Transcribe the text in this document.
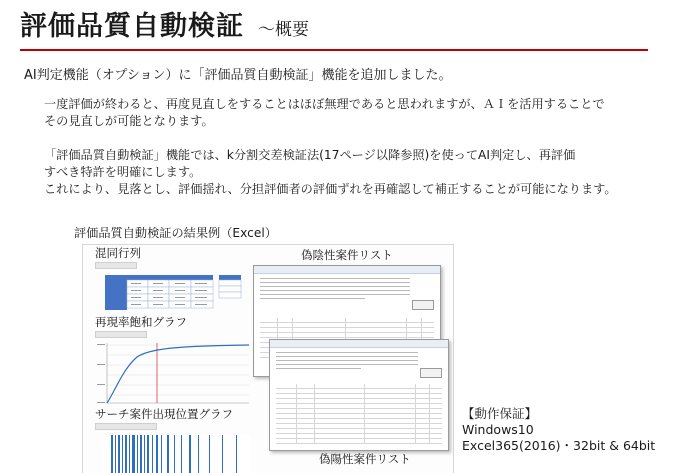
評価品質自動検証 ～概要
AI判定機能（オプション）に「評価品質自動検証」機能を追加しました。
一度評価が終わると、再度見直しをすることはほぼ無理であると思われますが、ＡＩを活用することで
その見直しが可能となります。
「評価品質自動検証」機能では、k分割交差検証法(17ページ以降参照)を使ってAI判定し、再評価
すべき特許を明確にします。
これにより、見落とし、評価揺れ、分担評価者の評価ずれを再確認して補正することが可能になります。
評価品質自動検証の結果例（Excel）
混同行列
再現率飽和グラフ
サーチ案件出現位置グラフ
偽陰性案件リスト
偽陽性案件リスト
【動作保証】
Windows10
Excel365(2016)・32bit & 64bit
